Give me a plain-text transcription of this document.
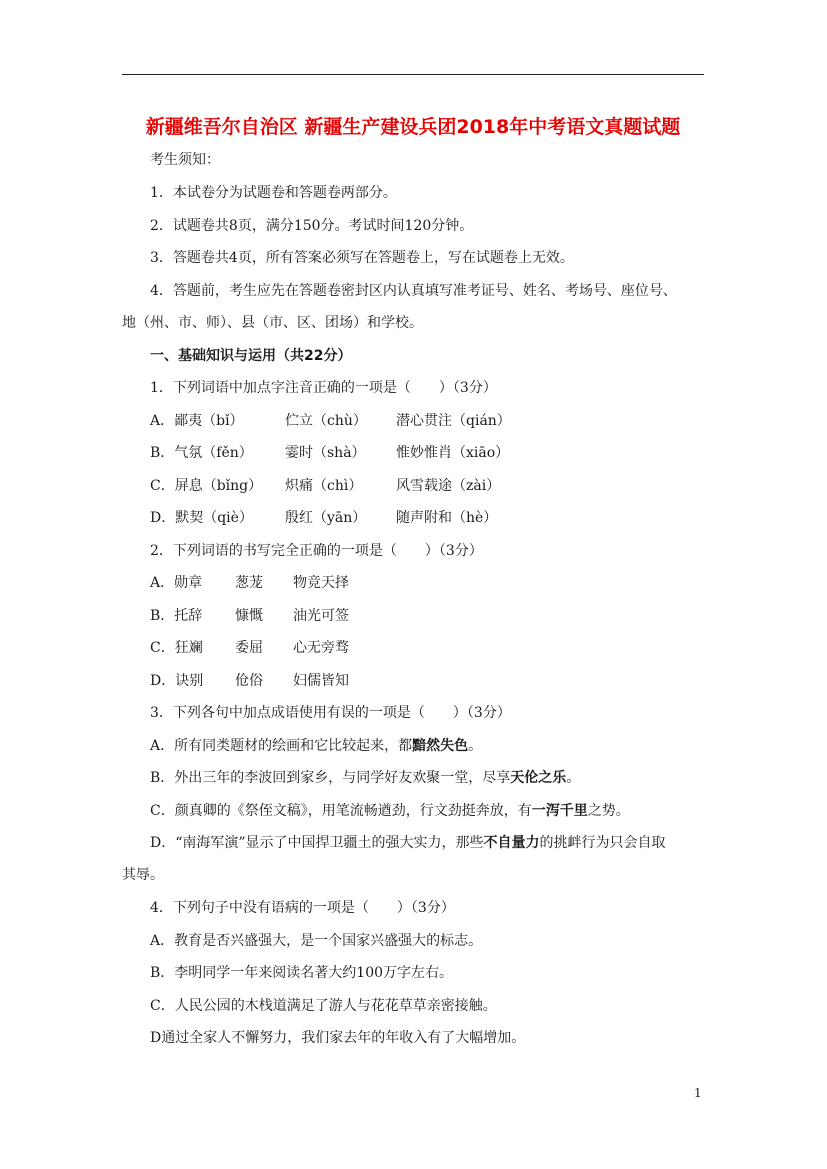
新疆维吾尔自治区 新疆生产建设兵团2018年中考语文真题试题
考生须知：
1．本试卷分为试题卷和答题卷两部分。
2．试题卷共8页，满分150分。考试时间120分钟。
3．答题卷共4页，所有答案必须写在答题卷上，写在试题卷上无效。
4．答题前，考生应先在答题卷密封区内认真填写准考证号、姓名、考场号、座位号、
地（州、市、师）、县（市、区、团场）和学校。
一、基础知识与运用（共22分）
1．下列词语中加点字注音正确的一项是（　　）（3分）
A．鄙夷（bǐ）	伫立（chù） 潜心贯注（qián）
B．气氛（fěn） 霎时（shà） 惟妙惟肖（xiāo）
C．屏息（bǐng） 炽痛（chì） 风雪载途（zài）
D．默契（qiè） 殷红（yān） 随声附和（hè）
2．下列词语的书写完全正确的一项是（　　）（3分）
A．勋章 葱茏 物竞天择
B．托辞 慷慨 油光可签
C．狂斓 委屈 心无旁骛
D．诀别 伧俗 妇儒皆知
3．下列各句中加点成语使用有误的一项是（　　）（3分）
A．所有同类题材的绘画和它比较起来，都黯然失色。
B．外出三年的李波回到家乡，与同学好友欢聚一堂，尽享天伦之乐。
C．颜真卿的《祭侄文稿》，用笔流畅遒劲，行文劲挺奔放，有一泻千里之势。
D．“南海军演”显示了中国捍卫疆土的强大实力，那些不自量力的挑衅行为只会自取
其辱。
4．下列句子中没有语病的一项是（　　）（3分）
A．教育是否兴盛强大，是一个国家兴盛强大的标志。
B．李明同学一年来阅读名著大约100万字左右。
C．人民公园的木栈道满足了游人与花花草草亲密接触。
D通过全家人不懈努力，我们家去年的年收入有了大幅增加。
1
